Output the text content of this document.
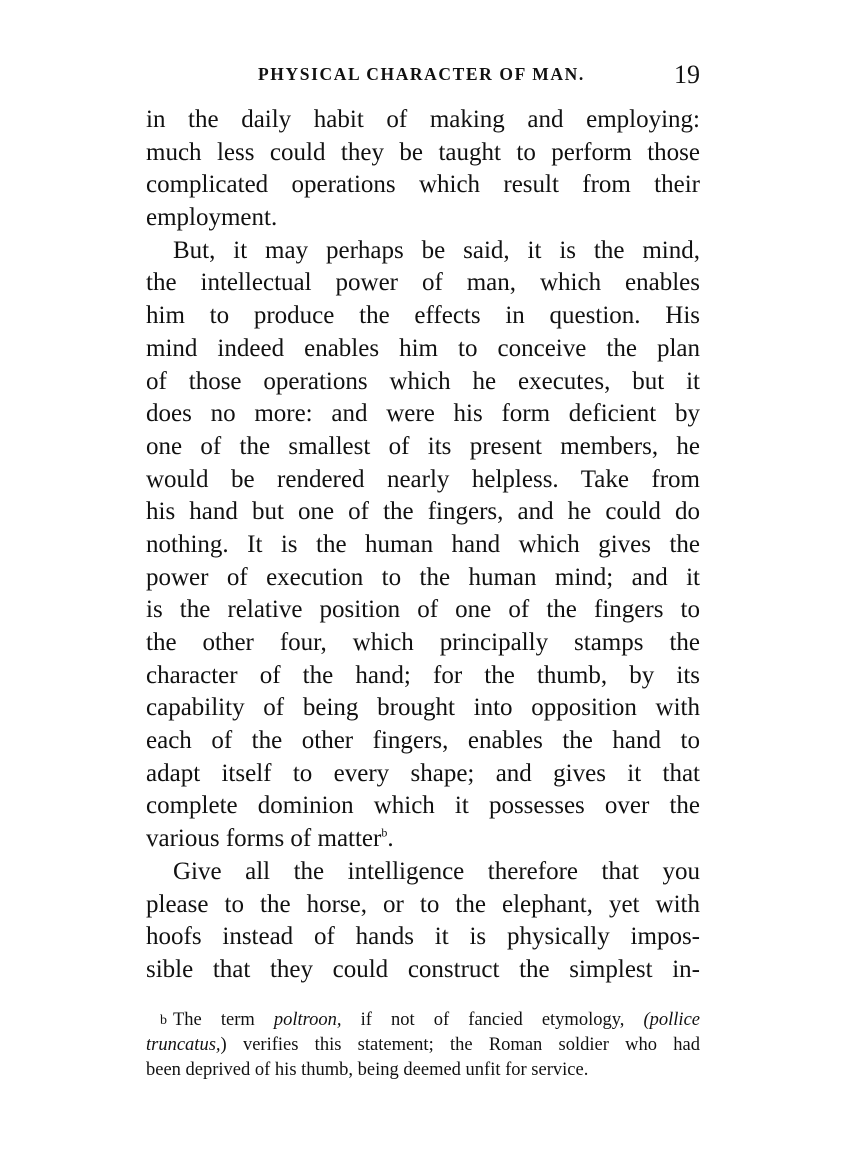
PHYSICAL CHARACTER OF MAN.	19
in the daily habit of making and employing:
much less could they be taught to perform those
complicated operations which result from their
employment.
But, it may perhaps be said, it is the mind,
the intellectual power of man, which enables
him to produce the effects in question. His
mind indeed enables him to conceive the plan
of those operations which he executes, but it
does no more: and were his form deficient by
one of the smallest of its present members, he
would be rendered nearly helpless. Take from
his hand but one of the fingers, and he could do
nothing. It is the human hand which gives the
power of execution to the human mind; and it
is the relative position of one of the fingers to
the other four, which principally stamps the
character of the hand; for the thumb, by its
capability of being brought into opposition with
each of the other fingers, enables the hand to
adapt itself to every shape; and gives it that
complete dominion which it possesses over the
various forms of matter$^b$.
Give all the intelligence therefore that you
please to the horse, or to the elephant, yet with
hoofs instead of hands it is physically impos-
sible that they could construct the simplest in-
$^b$ The term poltroon, if not of fancied etymology, (pollice
truncatus,) verifies this statement; the Roman soldier who had
been deprived of his thumb, being deemed unfit for service.
